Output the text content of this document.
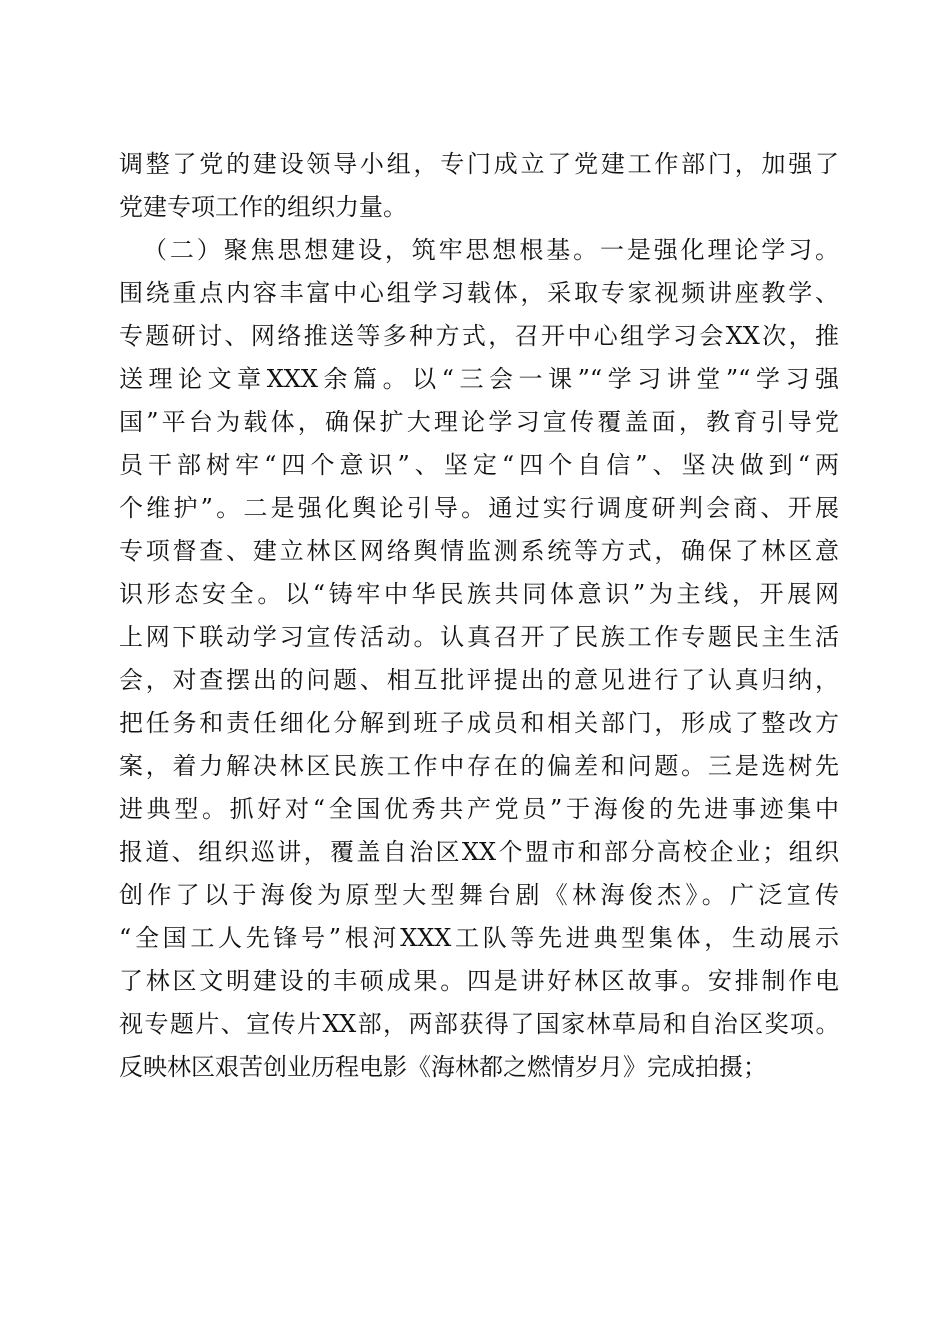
调整了党的建设领导小组，专门成立了党建工作部门，加强了
党建专项工作的组织力量。
（二）聚焦思想建设，筑牢思想根基。一是强化理论学习。
围绕重点内容丰富中心组学习载体，采取专家视频讲座教学、
专题研讨、网络推送等多种方式，召开中心组学习会XX次，推
送理论文章XXX余篇。以“三会一课”“学习讲堂”“学习强
国”平台为载体，确保扩大理论学习宣传覆盖面，教育引导党
员干部树牢“四个意识”、坚定“四个自信”、坚决做到“两
个维护”。二是强化舆论引导。通过实行调度研判会商、开展
专项督查、建立林区网络舆情监测系统等方式，确保了林区意
识形态安全。以“铸牢中华民族共同体意识”为主线，开展网
上网下联动学习宣传活动。认真召开了民族工作专题民主生活
会，对查摆出的问题、相互批评提出的意见进行了认真归纳，
把任务和责任细化分解到班子成员和相关部门，形成了整改方
案，着力解决林区民族工作中存在的偏差和问题。三是选树先
进典型。抓好对“全国优秀共产党员”于海俊的先进事迹集中
报道、组织巡讲，覆盖自治区XX个盟市和部分高校企业；组织
创作了以于海俊为原型大型舞台剧《林海俊杰》。广泛宣传
“全国工人先锋号”根河XXX工队等先进典型集体，生动展示
了林区文明建设的丰硕成果。四是讲好林区故事。安排制作电
视专题片、宣传片XX部，两部获得了国家林草局和自治区奖项。
反映林区艰苦创业历程电影《海林都之燃情岁月》完成拍摄；
